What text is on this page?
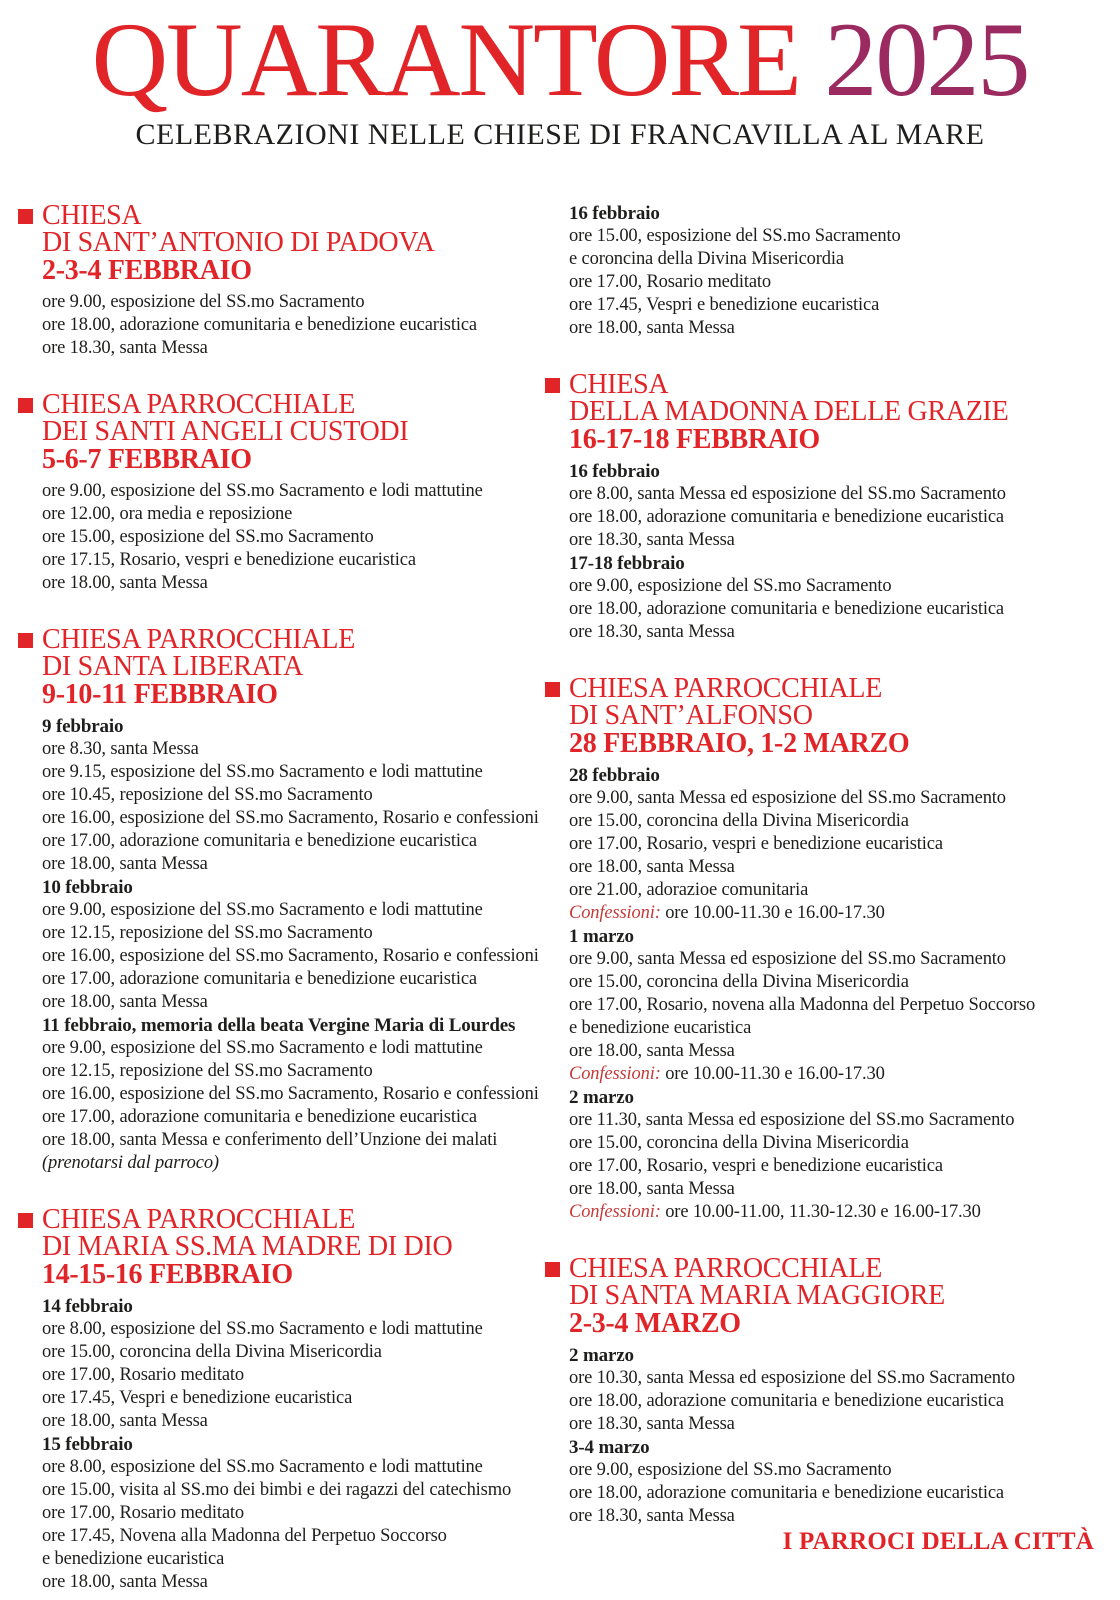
QUARANTORE 2025
CELEBRAZIONI NELLE CHIESE DI FRANCAVILLA AL MARE
CHIESA
DI SANT’ANTONIO DI PADOVA
2-3-4 FEBBRAIO
ore 9.00, esposizione del SS.mo Sacramento
ore 18.00, adorazione comunitaria e benedizione eucaristica
ore 18.30, santa Messa
CHIESA PARROCCHIALE
DEI SANTI ANGELI CUSTODI
5-6-7 FEBBRAIO
ore 9.00, esposizione del SS.mo Sacramento e lodi mattutine
ore 12.00, ora media e reposizione
ore 15.00, esposizione del SS.mo Sacramento
ore 17.15, Rosario, vespri e benedizione eucaristica
ore 18.00, santa Messa
CHIESA PARROCCHIALE
DI SANTA LIBERATA
9-10-11 FEBBRAIO
9 febbraio
ore 8.30, santa Messa
ore 9.15, esposizione del SS.mo Sacramento e lodi mattutine
ore 10.45, reposizione del SS.mo Sacramento
ore 16.00, esposizione del SS.mo Sacramento, Rosario e confessioni
ore 17.00, adorazione comunitaria e benedizione eucaristica
ore 18.00, santa Messa
10 febbraio
ore 9.00, esposizione del SS.mo Sacramento e lodi mattutine
ore 12.15, reposizione del SS.mo Sacramento
ore 16.00, esposizione del SS.mo Sacramento, Rosario e confessioni
ore 17.00, adorazione comunitaria e benedizione eucaristica
ore 18.00, santa Messa
11 febbraio, memoria della beata Vergine Maria di Lourdes
ore 9.00, esposizione del SS.mo Sacramento e lodi mattutine
ore 12.15, reposizione del SS.mo Sacramento
ore 16.00, esposizione del SS.mo Sacramento, Rosario e confessioni
ore 17.00, adorazione comunitaria e benedizione eucaristica
ore 18.00, santa Messa e conferimento dell’Unzione dei malati
(prenotarsi dal parroco)
CHIESA PARROCCHIALE
DI MARIA SS.MA MADRE DI DIO
14-15-16 FEBBRAIO
14 febbraio
ore 8.00, esposizione del SS.mo Sacramento e lodi mattutine
ore 15.00, coroncina della Divina Misericordia
ore 17.00, Rosario meditato
ore 17.45, Vespri e benedizione eucaristica
ore 18.00, santa Messa
15 febbraio
ore 8.00, esposizione del SS.mo Sacramento e lodi mattutine
ore 15.00, visita al SS.mo dei bimbi e dei ragazzi del catechismo
ore 17.00, Rosario meditato
ore 17.45, Novena alla Madonna del Perpetuo Soccorso
e benedizione eucaristica
ore 18.00, santa Messa
16 febbraio
ore 15.00, esposizione del SS.mo Sacramento
e coroncina della Divina Misericordia
ore 17.00, Rosario meditato
ore 17.45, Vespri e benedizione eucaristica
ore 18.00, santa Messa
CHIESA
DELLA MADONNA DELLE GRAZIE
16-17-18 FEBBRAIO
16 febbraio
ore 8.00, santa Messa ed esposizione del SS.mo Sacramento
ore 18.00, adorazione comunitaria e benedizione eucaristica
ore 18.30, santa Messa
17-18 febbraio
ore 9.00, esposizione del SS.mo Sacramento
ore 18.00, adorazione comunitaria e benedizione eucaristica
ore 18.30, santa Messa
CHIESA PARROCCHIALE
DI SANT’ALFONSO
28 FEBBRAIO, 1-2 MARZO
28 febbraio
ore 9.00, santa Messa ed esposizione del SS.mo Sacramento
ore 15.00, coroncina della Divina Misericordia
ore 17.00, Rosario, vespri e benedizione eucaristica
ore 18.00, santa Messa
ore 21.00, adorazioe comunitaria
Confessioni: ore 10.00-11.30 e 16.00-17.30
1 marzo
ore 9.00, santa Messa ed esposizione del SS.mo Sacramento
ore 15.00, coroncina della Divina Misericordia
ore 17.00, Rosario, novena alla Madonna del Perpetuo Soccorso
e benedizione eucaristica
ore 18.00, santa Messa
Confessioni: ore 10.00-11.30 e 16.00-17.30
2 marzo
ore 11.30, santa Messa ed esposizione del SS.mo Sacramento
ore 15.00, coroncina della Divina Misericordia
ore 17.00, Rosario, vespri e benedizione eucaristica
ore 18.00, santa Messa
Confessioni: ore 10.00-11.00, 11.30-12.30 e 16.00-17.30
CHIESA PARROCCHIALE
DI SANTA MARIA MAGGIORE
2-3-4 MARZO
2 marzo
ore 10.30, santa Messa ed esposizione del SS.mo Sacramento
ore 18.00, adorazione comunitaria e benedizione eucaristica
ore 18.30, santa Messa
3-4 marzo
ore 9.00, esposizione del SS.mo Sacramento
ore 18.00, adorazione comunitaria e benedizione eucaristica
ore 18.30, santa Messa
I PARROCI DELLA CITTÀ
